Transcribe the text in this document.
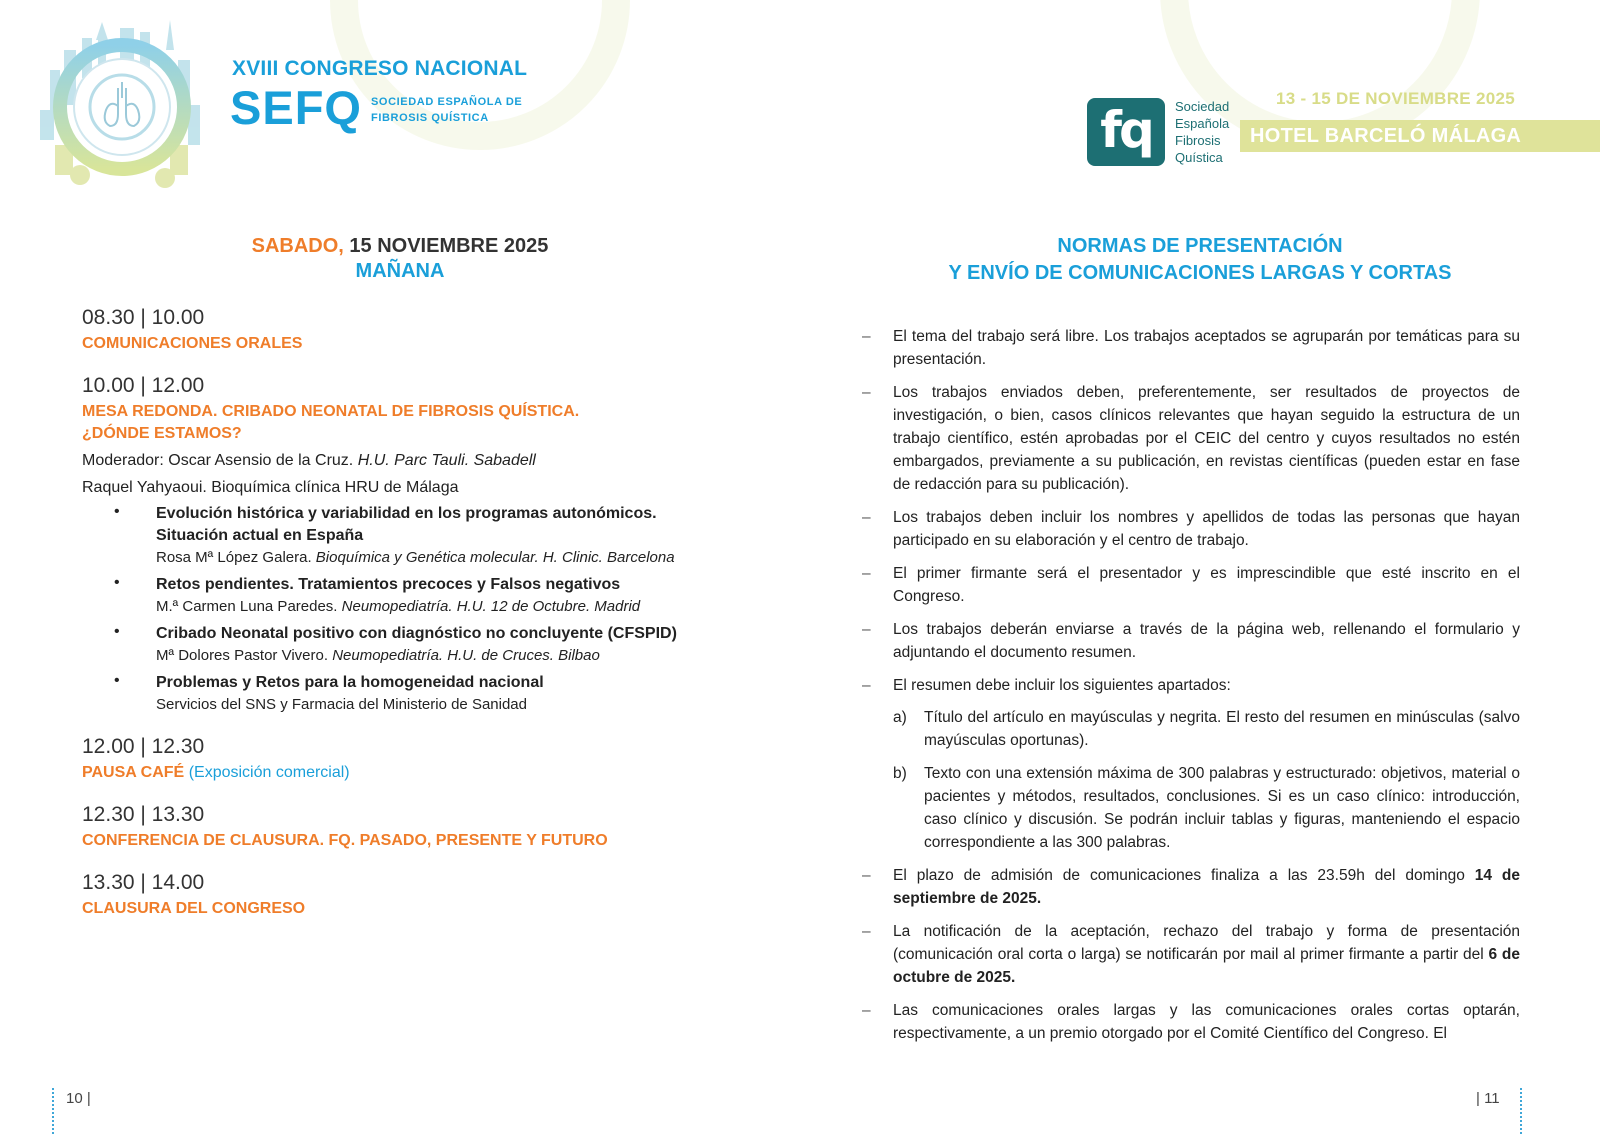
XVIII CONGRESO NACIONAL
SEFQ SOCIEDAD ESPAÑOLA DE
FIBROSIS QUÍSTICA
SABADO, 15 NOVIEMBRE 2025
MAÑANA
08.30 | 10.00
COMUNICACIONES ORALES
10.00 | 12.00
MESA REDONDA. CRIBADO NEONATAL DE FIBROSIS QUÍSTICA.
¿DÓNDE ESTAMOS?
Moderador: Oscar Asensio de la Cruz. H.U. Parc Tauli. Sabadell
Raquel Yahyaoui. Bioquímica clínica HRU de Málaga
• Evolución histórica y variabilidad en los programas autonómicos.
Situación actual en España
Rosa Mª López Galera. Bioquímica y Genética molecular. H. Clinic. Barcelona
• Retos pendientes. Tratamientos precoces y Falsos negativos
M.ª Carmen Luna Paredes. Neumopediatría. H.U. 12 de Octubre. Madrid
• Cribado Neonatal positivo con diagnóstico no concluyente (CFSPID)
Mª Dolores Pastor Vivero. Neumopediatría. H.U. de Cruces. Bilbao
• Problemas y Retos para la homogeneidad nacional
Servicios del SNS y Farmacia del Ministerio de Sanidad
12.00 | 12.30
PAUSA CAFÉ (Exposición comercial)
12.30 | 13.30
CONFERENCIA DE CLAUSURA. FQ. PASADO, PRESENTE Y FUTURO
13.30 | 14.00
CLAUSURA DEL CONGRESO
10 |
fq	Sociedad
Española
Fibrosis
Quística
13 - 15 DE NOVIEMBRE 2025
HOTEL BARCELÓ MÁLAGA
NORMAS DE PRESENTACIÓN
Y ENVÍO DE COMUNICACIONES LARGAS Y CORTAS
– El tema del trabajo será libre. Los trabajos aceptados se agruparán por temáticas para su presentación.
– Los trabajos enviados deben, preferentemente, ser resultados de proyectos de investigación, o bien, casos clínicos relevantes que hayan seguido la estructura de un trabajo científico, estén aprobadas por el CEIC del centro y cuyos resultados no estén embargados, previamente a su publicación, en revistas científicas (pueden estar en fase de redacción para su publicación).
– Los trabajos deben incluir los nombres y apellidos de todas las personas que hayan participado en su elaboración y el centro de trabajo.
– El primer firmante será el presentador y es imprescindible que esté inscrito en el Congreso.
– Los trabajos deberán enviarse a través de la página web, rellenando el formulario y adjuntando el documento resumen.
– El resumen debe incluir los siguientes apartados:
a) Título del artículo en mayúsculas y negrita. El resto del resumen en minúsculas (salvo mayúsculas oportunas).
b) Texto con una extensión máxima de 300 palabras y estructurado: objetivos, material o pacientes y métodos, resultados, conclusiones. Si es un caso clínico: introducción, caso clínico y discusión. Se podrán incluir tablas y figuras, manteniendo el espacio correspondiente a las 300 palabras.
– El plazo de admisión de comunicaciones finaliza a las 23.59h del domingo 14 de septiembre de 2025.
– La notificación de la aceptación, rechazo del trabajo y forma de presentación (comunicación oral corta o larga) se notificarán por mail al primer firmante a partir del 6 de octubre de 2025.
– Las comunicaciones orales largas y las comunicaciones orales cortas optarán, respectivamente, a un premio otorgado por el Comité Científico del Congreso. El
| 11
